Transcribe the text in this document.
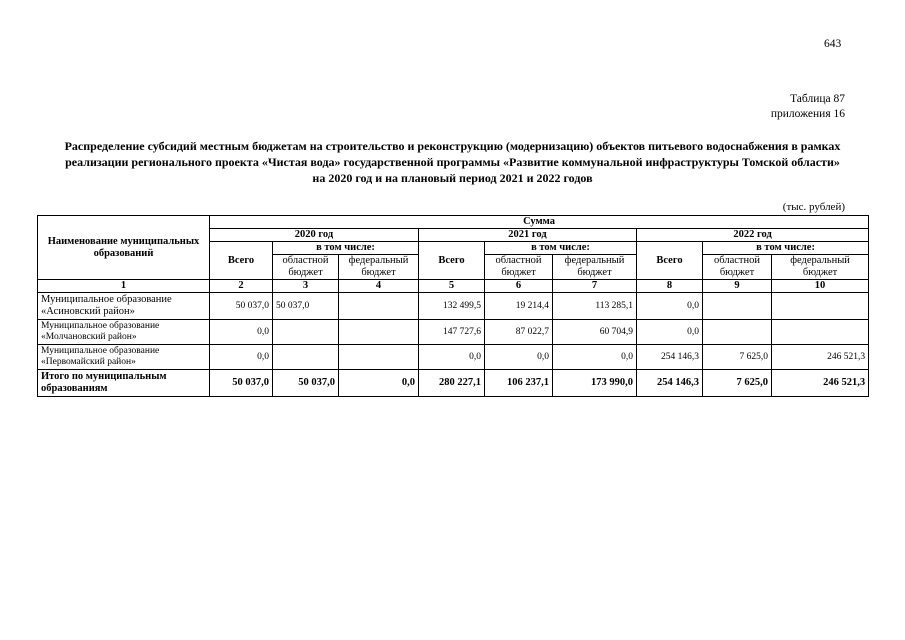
643
Таблица 87
приложения 16
Распределение субсидий местным бюджетам на строительство и реконструкцию (модернизацию) объектов питьевого водоснабжения в рамках реализации регионального проекта «Чистая вода» государственной программы «Развитие коммунальной инфраструктуры Томской области» на 2020 год и на плановый период 2021 и 2022 годов
(тыс. рублей)
Наименование муниципальных образований	Сумма								
	2020 год			2021 год			2022 год		
	Всего	в том числе:		Всего	в том числе:		Всего	в том числе:	
		областной бюджет	федеральный бюджет		областной бюджет	федеральный бюджет		областной бюджет	федеральный бюджет
1	2	3	4	5	6	7	8	9	10
Муниципальное образование «Асиновский район»	50 037,0	50 037,0		132 499,5	19 214,4	113 285,1	0,0		
Муниципальное образование «Молчановский район»	0,0			147 727,6	87 022,7	60 704,9	0,0		
Муниципальное образование «Первомайский район»	0,0			0,0	0,0	0,0	254 146,3	7 625,0	246 521,3
Итого по муниципальным образованиям	50 037,0	50 037,0	0,0	280 227,1	106 237,1	173 990,0	254 146,3	7 625,0	246 521,3
